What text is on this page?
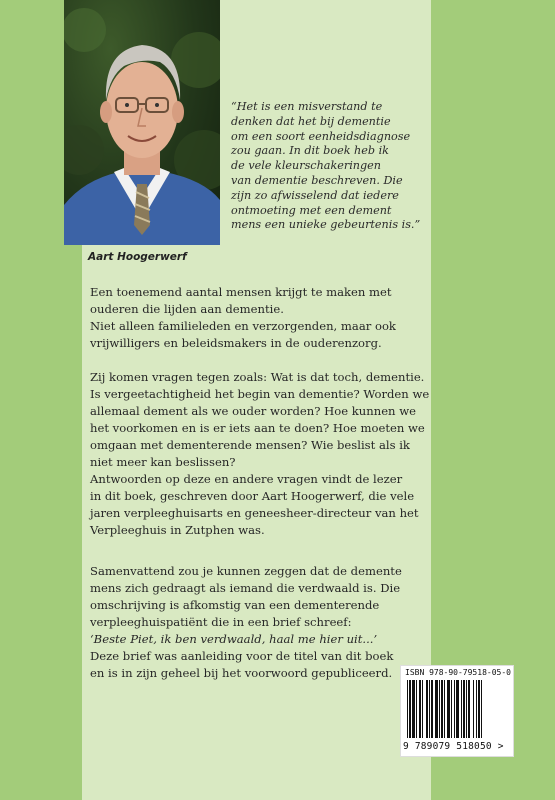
Aart Hoogerwerf

“Het is een misverstand te

denken dat het bij dementie

om een soort eenheidsdiagnose

zou gaan. In dit boek heb ik

de vele kleurschakeringen

van dementie beschreven. Die

zijn zo afwisselend dat iedere

ontmoeting met een dement

mens een unieke gebeurtenis is.”

Een toenemend aantal mensen krijgt te maken met

ouderen die lijden aan dementie.

Niet alleen familieleden en verzorgenden, maar ook

vrijwilligers en beleidsmakers in de ouderenzorg.

Zij komen vragen tegen zoals: Wat is dat toch, dementie.

Is vergeetachtigheid het begin van dementie? Worden we

allemaal dement als we ouder worden? Hoe kunnen we

het voorkomen en is er iets aan te doen? Hoe moeten we

omgaan met dementerende mensen? Wie beslist als ik

niet meer kan beslissen?

Antwoorden op deze en andere vragen vindt de lezer

in dit boek, geschreven door Aart Hoogerwerf, die vele

jaren verpleeghuisarts en geneesheer-directeur van het

Verpleeghuis in Zutphen was.

Samenvattend zou je kunnen zeggen dat de demente

mens zich gedraagt als iemand die verdwaald is. Die

omschrijving is afkomstig van een dementerende

verpleeghuispatiënt die in een brief schreef:

‘Beste Piet, ik ben verdwaald, haal me hier uit...’

Deze brief was aanleiding voor de titel van dit boek

en is in zijn geheel bij het voorwoord gepubliceerd.	ISBN 978-90-79518-05-0
9 789079 518050 >
